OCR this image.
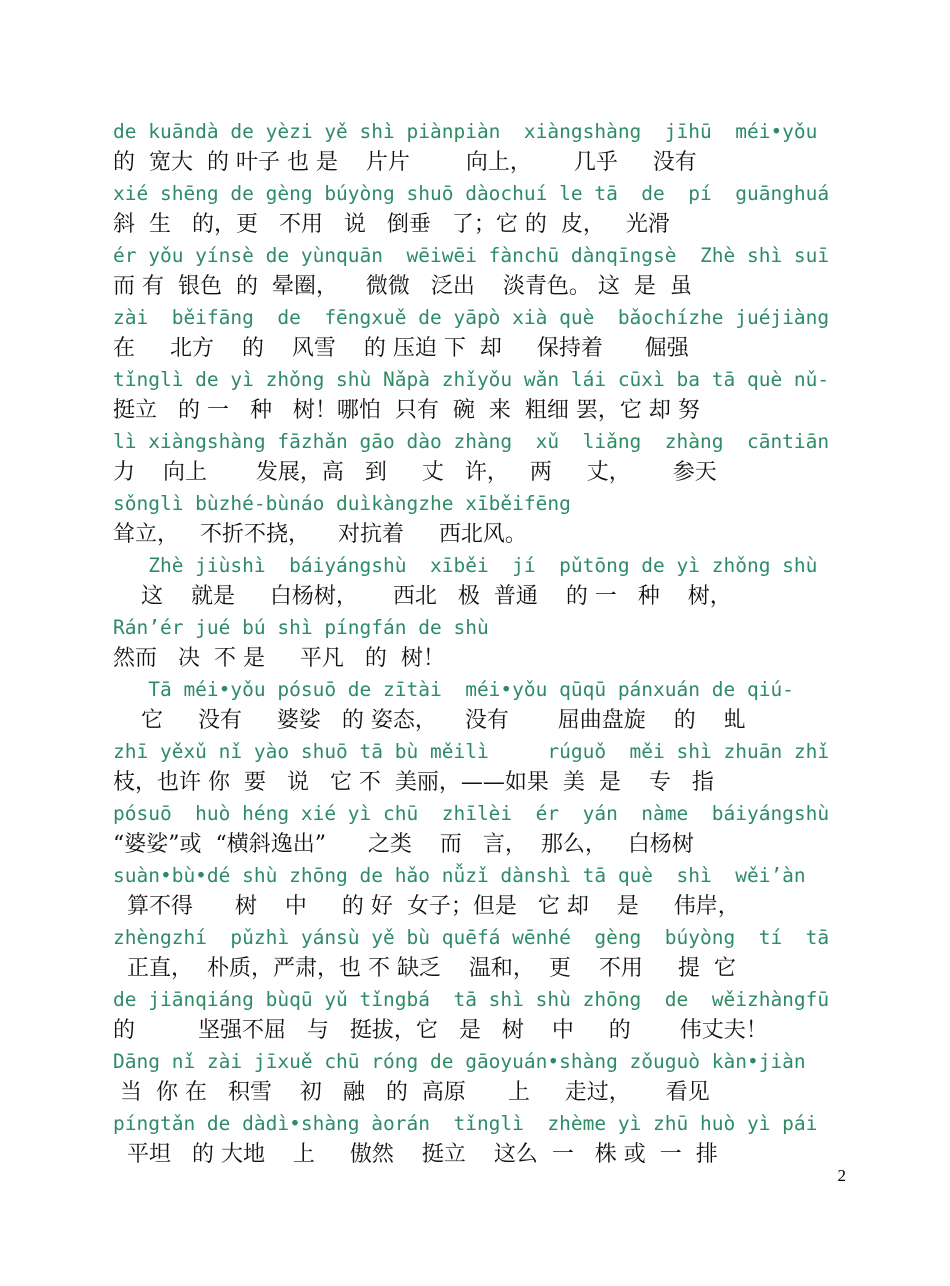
de kuāndà de yèzi yě shì piànpiàn  xiàngshàng  jīhū  méi•yǒu
的  宽大  的 叶子 也 是    片片        向上，      几乎     没有
xié shēng de gèng búyòng shuō dàochuí le tā  de  pí  guānghuá
斜  生   的，更   不用   说   倒垂   了；它 的  皮，   光滑
ér yǒu yínsè de yùnquān  wēiwēi fànchū dànqīngsè  Zhè shì suī
而 有  银色  的  晕圈，    微微   泛出    淡青色。 这  是  虽
zài  běifāng  de  fēngxuě de yāpò xià què  bǎochízhe juéjiàng
在     北方    的    风雪    的 压迫 下  却     保持着      倔强
tǐnglì de yì zhǒng shù Nǎpà zhǐyǒu wǎn lái cūxì ba tā què nǔ-
挺立   的 一   种   树！哪怕  只有  碗  来  粗细 罢，它 却 努
lì xiàngshàng fāzhǎn gāo dào zhàng  xǔ  liǎng  zhàng  cāntiān
力    向上       发展，高   到     丈   许，   两     丈，      参天
sǒnglì bùzhé-bùnáo duìkàngzhe xīběifēng
耸立，   不折不挠，    对抗着     西北风。
Zhè jiùshì  báiyángshù  xīběi  jí  pǔtōng de yì zhǒng shù
这    就是     白杨树，     西北   极  普通    的 一   种    树，
Rán’ér jué bú shì píngfán de shù
然而   决  不 是     平凡   的  树！
Tā méi•yǒu pósuō de zītài  méi•yǒu qūqū pánxuán de qiú-
它     没有     婆娑   的 姿态，    没有       屈曲盘旋    的    虬
zhī yěxǔ nǐ yào shuō tā bù měilì     rúguǒ  měi shì zhuān zhǐ
枝，也许 你  要   说   它 不  美丽，——如果  美  是    专   指
pósuō  huò héng xié yì chū  zhīlèi  ér  yán  nàme  báiyángshù
“婆娑”或  “横斜逸出”      之类    而   言，  那么，   白杨树
suàn•bù•dé shù zhōng de hǎo nǚzǐ dànshì tā què  shì  wěi’àn
算不得      树    中     的 好  女子；但是   它 却    是     伟岸，
zhèngzhí  pǔzhì yánsù yě bù quēfá wēnhé  gèng  búyòng  tí  tā
正直，  朴质，严肃，也 不 缺乏    温和，  更    不用     提  它
de jiānqiáng bùqū yǔ tǐngbá  tā shì shù zhōng  de  wěizhàngfū
的         坚强不屈   与   挺拔，它   是   树    中     的       伟丈夫！
Dāng nǐ zài jīxuě chū róng de gāoyuán•shàng zǒuguò kàn•jiàn
当  你 在   积雪    初   融   的  高原      上     走过，     看见
píngtǎn de dàdì•shàng àorán  tǐnglì  zhème yì zhū huò yì pái
平坦   的 大地    上     傲然    挺立    这么  一   株 或  一  排
2
